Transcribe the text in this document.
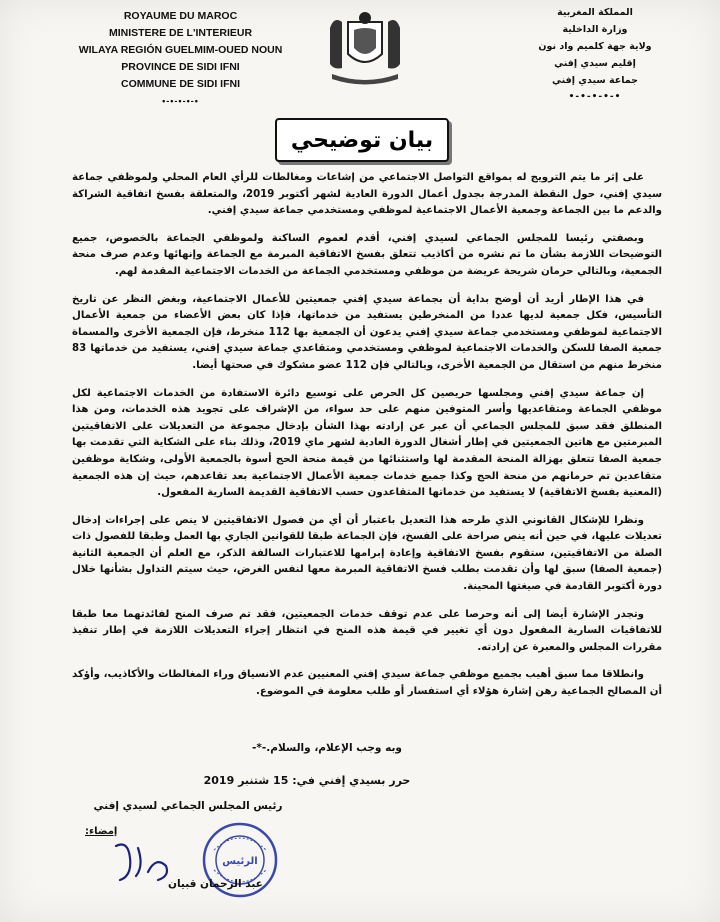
ROYAUME DU MAROC
MINISTERE DE L'INTERIEUR
WILAYA REGIÓN GUELMIM-OUED NOUN
PROVINCE DE SIDI IFNI
COMMUNE DE SIDI IFNI
•-•-•-•-•
المملكة المغربية
وزارة الداخلية
ولاية جهة كلميم واد نون
إقليم سيدي إفني
جماعة سيدي إفني
•-•-•-•-•
بيان توضيحي

على إثر ما يتم الترويج له بمواقع التواصل الاجتماعي من إشاعات ومغالطات للرأي العام المحلي ولموظفي جماعة سيدي إفني، حول النقطة المدرجة بجدول أعمال الدورة العادية لشهر أكتوبر 2019، والمتعلقة بفسخ اتفاقية الشراكة والدعم ما بين الجماعة وجمعية الأعمال الاجتماعية لموظفي ومستخدمي جماعة سيدي إفني.

وبصفتي رئيسا للمجلس الجماعي لسيدي إفني، أقدم لعموم الساكنة ولموظفي الجماعة بالخصوص، جميع التوضيحات اللازمة بشأن ما تم نشره من أكاذيب تتعلق بفسخ الاتفاقية المبرمة مع الجماعة وإنهائها وعدم صرف منحة الجمعية، وبالتالي حرمان شريحة عريضة من موظفي ومستخدمي الجماعة من الخدمات الاجتماعية المقدمة لهم.

في هذا الإطار أريد أن أوضح بداية أن بجماعة سيدي إفني جمعيتين للأعمال الاجتماعية، وبغض النظر عن تاريخ التأسيس، فكل جمعية لديها عددا من المنخرطين يستفيد من خدماتها، فإذا كان بعض الأعضاء من جمعية الأعمال الاجتماعية لموظفي ومستخدمي جماعة سيدي إفني يدعون أن الجمعية بها 112 منخرط، فإن الجمعية الأخرى والمسماة جمعية الصفا للسكن والخدمات الاجتماعية لموظفي ومستخدمي ومتقاعدي جماعة سيدي إفني، يستفيد من خدماتها 83 منخرط منهم من استقال من الجمعية الأخرى، وبالتالي فإن 112 عضو مشكوك في صحتها أيضا.

إن جماعة سيدي إفني ومجلسها حريصين كل الحرص على توسيع دائرة الاستفادة من الخدمات الاجتماعية لكل موظفي الجماعة ومتقاعديها وأسر المتوفين منهم على حد سواء، من الإشراف على تجويد هذه الخدمات، ومن هذا المنطلق فقد سبق للمجلس الجماعي أن عبر عن إرادته بهذا الشأن بإدخال مجموعة من التعديلات على الاتفاقيتين المبرمتين مع هاتين الجمعيتين في إطار أشغال الدورة العادية لشهر ماي 2019، وذلك بناء على الشكاية التي تقدمت بها جمعية الصفا تتعلق بهزالة المنحة المقدمة لها واستثنائها من قيمة منحة الحج أسوة بالجمعية الأولى، وشكاية موظفين متقاعدين تم حرمانهم من منحة الحج وكذا جميع خدمات جمعية الأعمال الاجتماعية بعد تقاعدهم، حيث إن هذه الجمعية (المعنية بفسخ الاتفاقية) لا يستفيد من خدماتها المتقاعدون حسب الاتفاقية القديمة السارية المفعول.

ونظرا للإشكال القانوني الذي طرحه هذا التعديل باعتبار أن أي من فصول الاتفاقيتين لا ينص على إجراءات إدخال تعديلات عليها، في حين أنه ينص صراحة على الفسخ، فإن الجماعة طبقا للقوانين الجاري بها العمل وطبقا للفصول ذات الصلة من الاتفاقيتين، ستقوم بفسخ الاتفاقية وإعادة إبرامها للاعتبارات السالفة الذكر، مع العلم أن الجمعية الثانية (جمعية الصفا) سبق لها وأن تقدمت بطلب فسخ الاتفاقية المبرمة معها لنفس الغرض، حيث سيتم التداول بشأنها خلال دورة أكتوبر القادمة في صيغتها المحينة.

وتجدر الإشارة أيضا إلى أنه وحرصا على عدم توقف خدمات الجمعيتين، فقد تم صرف المنح لفائدتهما معا طبقا للاتفاقيات السارية المفعول دون أي تغيير في قيمة هذه المنح في انتظار إجراء التعديلات اللازمة في إطار تنفيذ مقررات المجلس والمعبرة عن إرادته.

وانطلاقا مما سبق أهيب بجميع موظفي جماعة سيدي إفني المعنيين عدم الانسياق وراء المغالطات والأكاذيب، وأؤكد أن المصالح الجماعية رهن إشارة هؤلاء أي استفسار أو طلب معلومة في الموضوع.

وبه وجب الإعلام، والسلام.-*-
حرر بسيدي إفني في: 15 شتنبر 2019
رئيس المجلس الجماعي لسيدي إفني
إمضاء:
الرئيس
عبد الرحمان قبيان
